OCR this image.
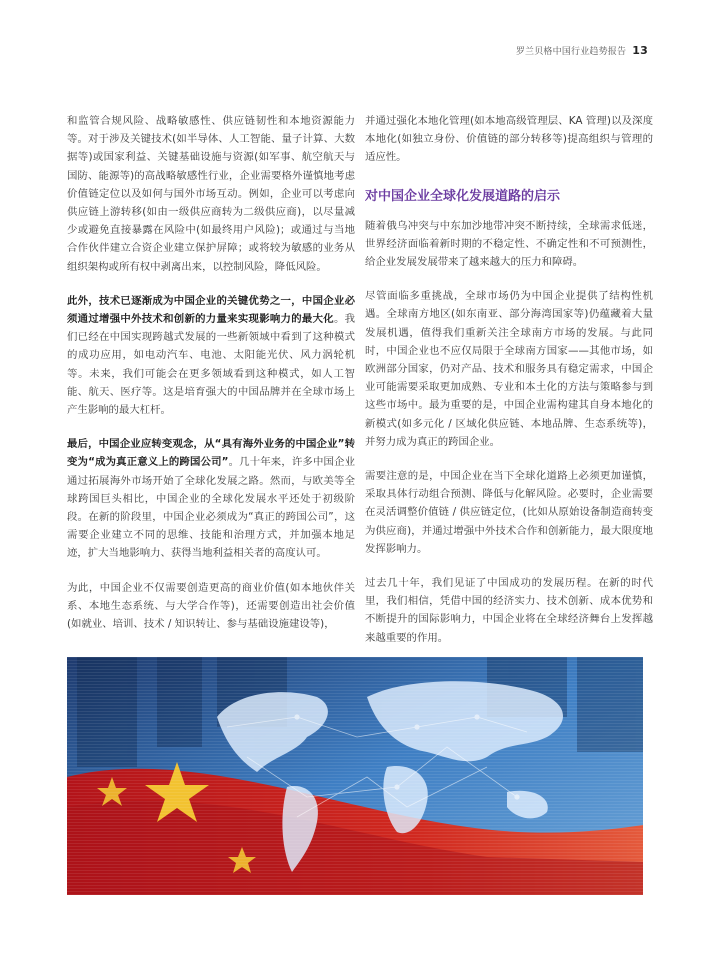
罗兰贝格中国行业趋势报告 13

和监管合规风险、战略敏感性、供应链韧性和本地资源能力等。对于涉及关键技术(如半导体、人工智能、量子计算、大数据等)或国家利益、关键基础设施与资源(如军事、航空航天与国防、能源等)的高战略敏感性行业，企业需要格外谨慎地考虑价值链定位以及如何与国外市场互动。例如，企业可以考虑向供应链上游转移(如由一级供应商转为二级供应商)，以尽量减少或避免直接暴露在风险中(如最终用户风险)；或通过与当地合作伙伴建立合资企业建立保护屏障；或将较为敏感的业务从组织架构或所有权中剥离出来，以控制风险，降低风险。

此外，技术已逐渐成为中国企业的关键优势之一，中国企业必须通过增强中外技术和创新的力量来实现影响力的最大化。我们已经在中国实现跨越式发展的一些新领域中看到了这种模式的成功应用，如电动汽车、电池、太阳能光伏、风力涡轮机等。未来，我们可能会在更多领域看到这种模式，如人工智能、航天、医疗等。这是培育强大的中国品牌并在全球市场上产生影响的最大杠杆。

最后，中国企业应转变观念，从“具有海外业务的中国企业”转变为“成为真正意义上的跨国公司”。几十年来，许多中国企业通过拓展海外市场开始了全球化发展之路。然而，与欧美等全球跨国巨头相比，中国企业的全球化发展水平还处于初级阶段。在新的阶段里，中国企业必须成为“真正的跨国公司”，这需要企业建立不同的思维、技能和治理方式，并加强本地足迹，扩大当地影响力、获得当地利益相关者的高度认可。

为此，中国企业不仅需要创造更高的商业价值(如本地伙伴关系、本地生态系统、与大学合作等)，还需要创造出社会价值(如就业、培训、技术 / 知识转让、参与基础设施建设等)，

并通过强化本地化管理(如本地高级管理层、KA 管理)以及深度本地化(如独立身份、价值链的部分转移等)提高组织与管理的适应性。

对中国企业全球化发展道路的启示

随着俄乌冲突与中东加沙地带冲突不断持续，全球需求低迷，世界经济面临着新时期的不稳定性、不确定性和不可预测性，给企业发展发展带来了越来越大的压力和障碍。

尽管面临多重挑战，全球市场仍为中国企业提供了结构性机遇。全球南方地区(如东南亚、部分海湾国家等)仍蕴藏着大量发展机遇，值得我们重新关注全球南方市场的发展。与此同时，中国企业也不应仅局限于全球南方国家——其他市场，如欧洲部分国家，仍对产品、技术和服务具有稳定需求，中国企业可能需要采取更加成熟、专业和本土化的方法与策略参与到这些市场中。最为重要的是，中国企业需构建其自身本地化的新模式(如多元化 / 区域化供应链、本地品牌、生态系统等)，并努力成为真正的跨国企业。

需要注意的是，中国企业在当下全球化道路上必须更加谨慎，采取具体行动组合预测、降低与化解风险。必要时，企业需要在灵活调整价值链 / 供应链定位，(比如从原始设备制造商转变为供应商)，并通过增强中外技术合作和创新能力，最大限度地发挥影响力。

过去几十年，我们见证了中国成功的发展历程。在新的时代里，我们相信，凭借中国的经济实力、技术创新、成本优势和不断提升的国际影响力，中国企业将在全球经济舞台上发挥越来越重要的作用。
